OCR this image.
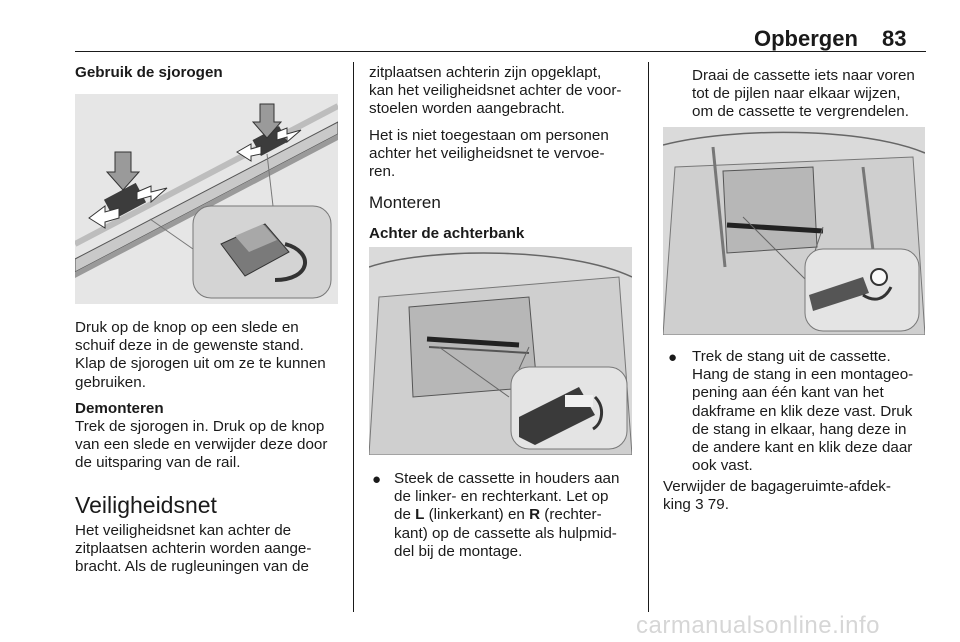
Opbergen 83
Gebruik de sjorogen
Druk op de knop op een slede en
schuif deze in de gewenste stand.
Klap de sjorogen uit om ze te kunnen
gebruiken.
Demonteren
Trek de sjorogen in. Druk op de knop
van een slede en verwijder deze door
de uitsparing van de rail.
Veiligheidsnet
Het veiligheidsnet kan achter de
zitplaatsen achterin worden aange-
bracht. Als de rugleuningen van de
zitplaatsen achterin zijn opgeklapt,
kan het veiligheidsnet achter de voor-
stoelen worden aangebracht.
Het is niet toegestaan om personen
achter het veiligheidsnet te vervoe-
ren.
Monteren
Achter de achterbank
● Steek de cassette in houders aan
de linker- en rechterkant. Let op
de L (linkerkant) en R (rechter-
kant) op de cassette als hulpmid-
del bij de montage.
Draai de cassette iets naar voren
tot de pijlen naar elkaar wijzen,
om de cassette te vergrendelen.
● Trek de stang uit de cassette.
Hang de stang in een montageo-
pening aan één kant van het
dakframe en klik deze vast. Druk
de stang in elkaar, hang deze in
de andere kant en klik deze daar
ook vast.
Verwijder de bagageruimte-afdek-
king 3 79.
carmanualsonline.info
